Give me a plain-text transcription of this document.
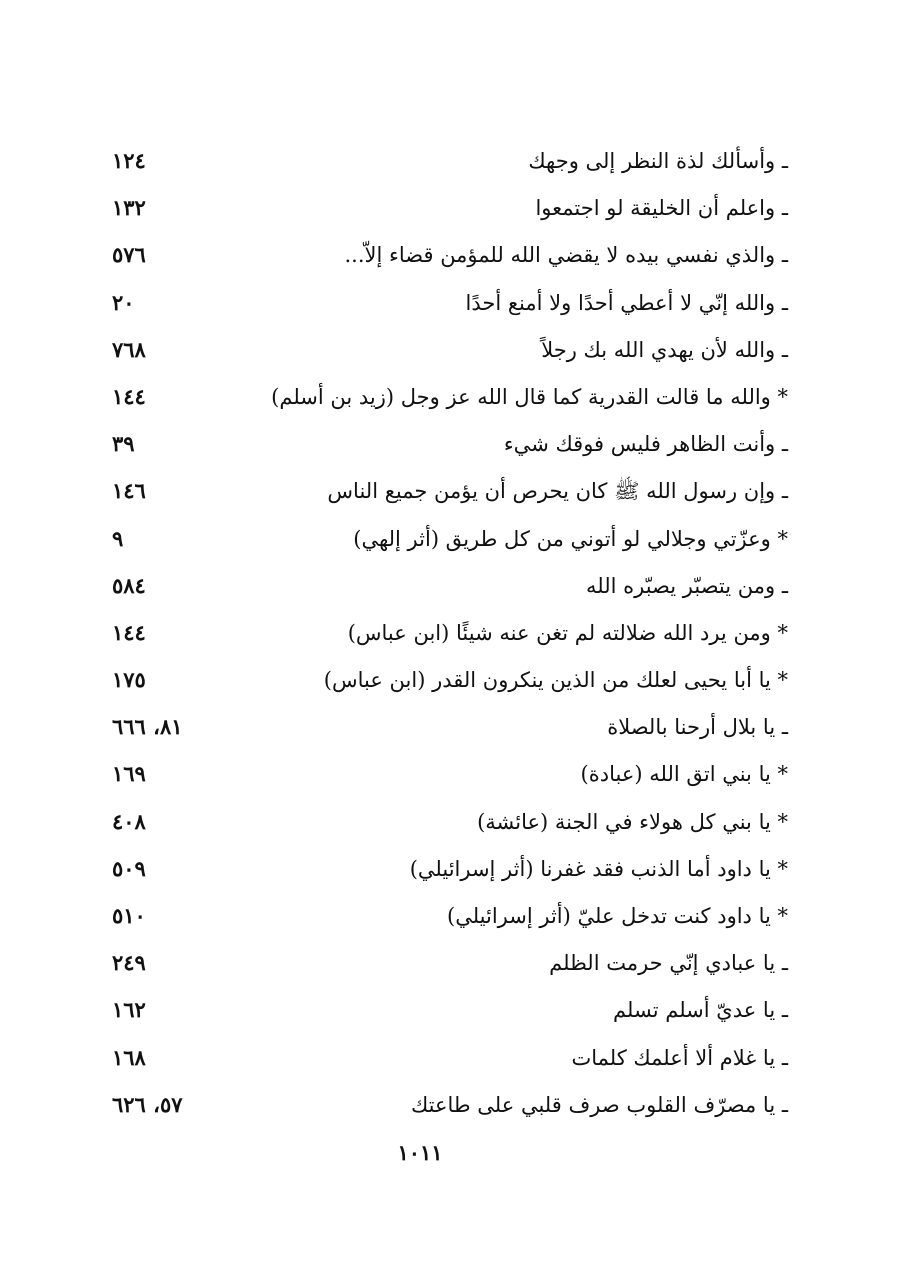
ـ وأسألك لذة النظر إلى وجهك
١٢٤
ـ واعلم أن الخليقة لو اجتمعوا
١٣٢
ـ والذي نفسي بيده لا يقضي الله للمؤمن قضاء إلاّ...
٥٧٦
ـ والله إنّي لا أعطي أحدًا ولا أمنع أحدًا
٢٠
ـ والله لأن يهدي الله بك رجلاً
٧٦٨
* والله ما قالت القدرية كما قال الله عز وجل (زيد بن أسلم)
١٤٤
ـ وأنت الظاهر فليس فوقك شيء
٣٩
ـ وإن رسول الله ﷺ كان يحرص أن يؤمن جميع الناس
١٤٦
* وعزّتي وجلالي لو أتوني من كل طريق (أثر إلهي)
٩
ـ ومن يتصبّر يصبّره الله
٥٨٤
* ومن يرد الله ضلالته لم تغن عنه شيئًا (ابن عباس)
١٤٤
* يا أبا يحيى لعلك من الذين ينكرون القدر (ابن عباس)
١٧٥
ـ يا بلال أرحنا بالصلاة
٨١، ٦٦٦
* يا بني اتق الله (عبادة)
١٦٩
* يا بني كل هولاء في الجنة (عائشة)
٤٠٨
* يا داود أما الذنب فقد غفرنا (أثر إسرائيلي)
٥٠٩
* يا داود كنت تدخل عليّ (أثر إسرائيلي)
٥١٠
ـ يا عبادي إنّي حرمت الظلم
٢٤٩
ـ يا عديّ أسلم تسلم
١٦٢
ـ يا غلام ألا أعلمك كلمات
١٦٨
ـ يا مصرّف القلوب صرف قلبي على طاعتك
٥٧، ٦٢٦
١٠١١
